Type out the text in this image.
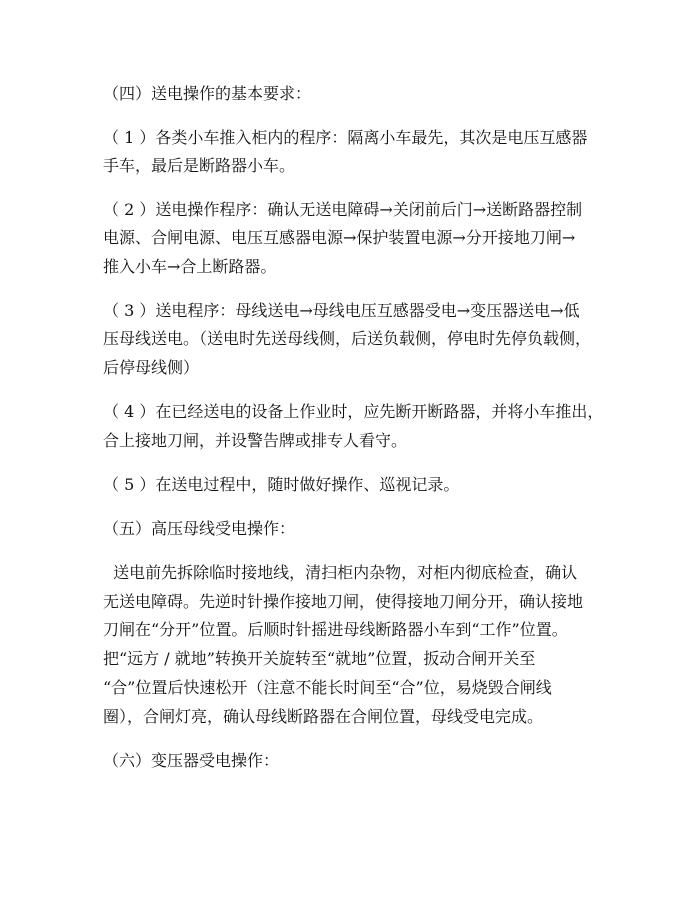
（四）送电操作的基本要求：
（ 1 ）各类小车推入柜内的程序：隔离小车最先，其次是电压互感器
手车，最后是断路器小车。
（ 2 ）送电操作程序：确认无送电障碍→关闭前后门→送断路器控制
电源、合闸电源、电压互感器电源→保护装置电源→分开接地刀闸→
推入小车→合上断路器。
（ 3 ）送电程序：母线送电→母线电压互感器受电→变压器送电→低
压母线送电。（送电时先送母线侧，后送负载侧，停电时先停负载侧，
后停母线侧）
（ 4 ）在已经送电的设备上作业时，应先断开断路器，并将小车推出，
合上接地刀闸，并设警告牌或排专人看守。
（ 5 ）在送电过程中，随时做好操作、巡视记录。
（五）高压母线受电操作：
送电前先拆除临时接地线，清扫柜内杂物，对柜内彻底检查，确认
无送电障碍。先逆时针操作接地刀闸，使得接地刀闸分开，确认接地
刀闸在“分开”位置。后顺时针摇进母线断路器小车到“工作”位置。
把“远方 / 就地”转换开关旋转至“就地”位置，扳动合闸开关至
“合”位置后快速松开（注意不能长时间至“合”位，易烧毁合闸线
圈），合闸灯亮，确认母线断路器在合闸位置，母线受电完成。
（六）变压器受电操作：
